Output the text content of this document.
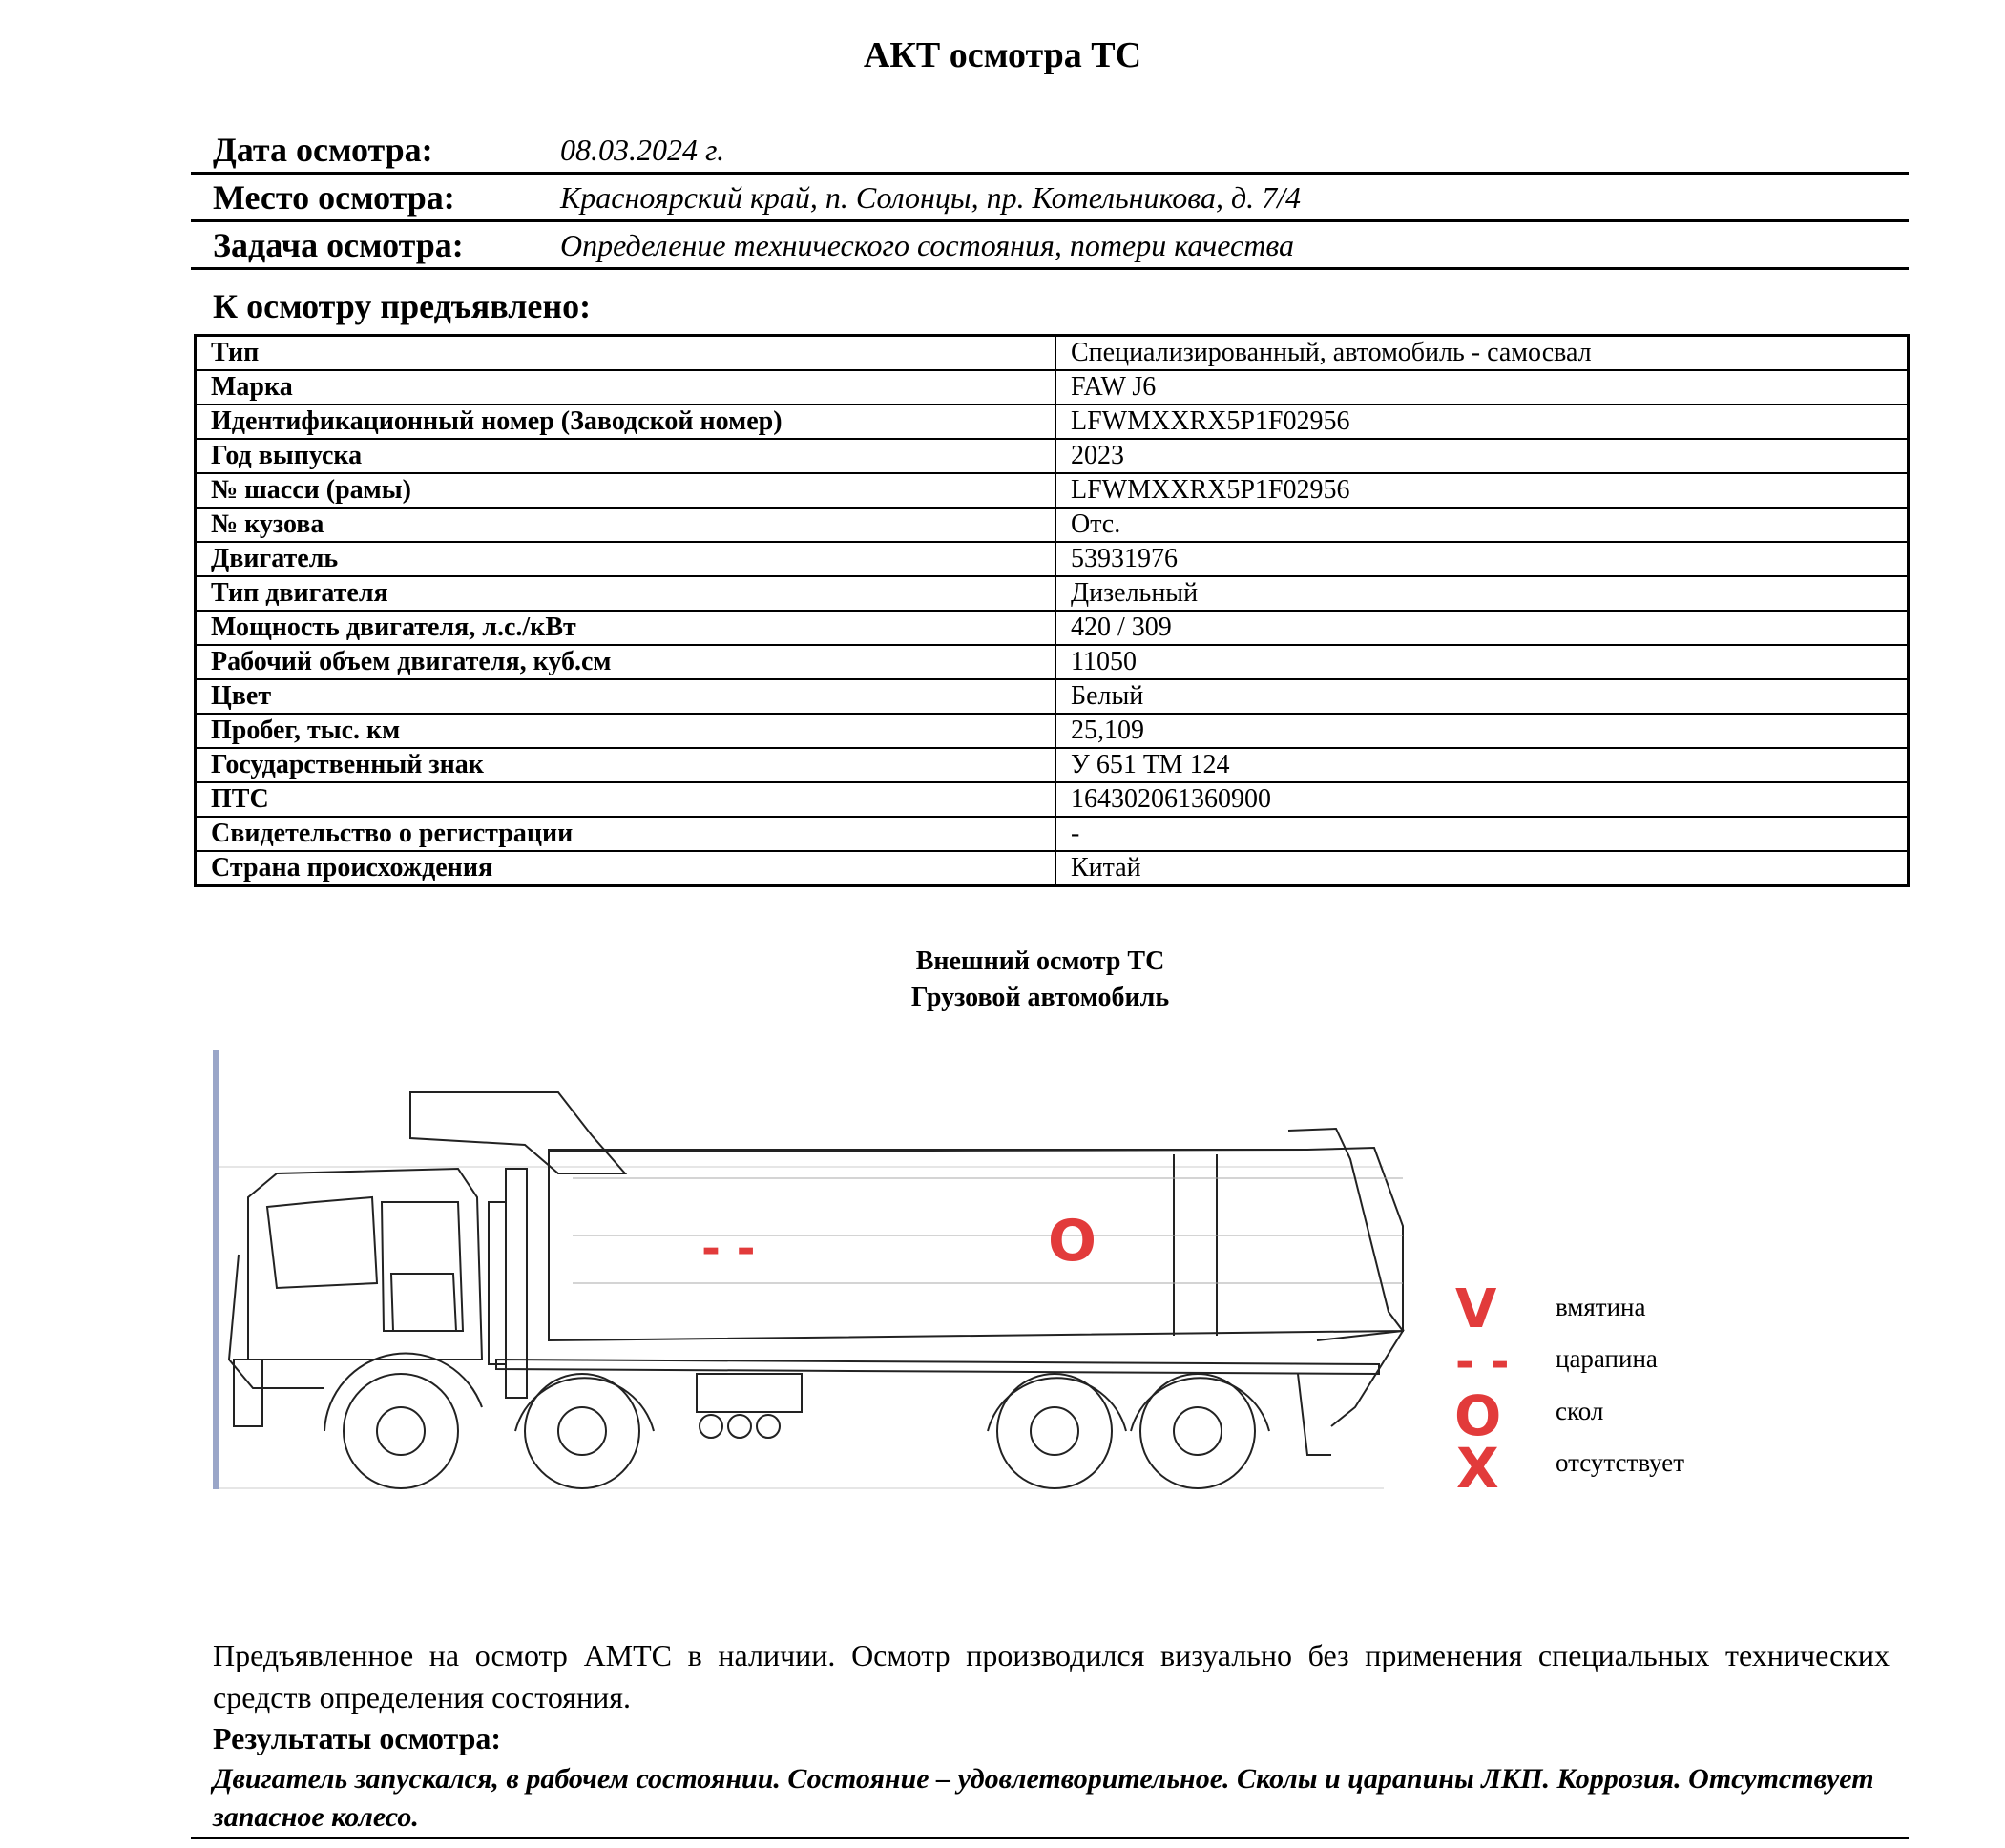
АКТ осмотра ТС
Дата осмотра:	08.03.2024 г.
Место осмотра:	Красноярский край, п. Солонцы, пр. Котельникова, д. 7/4
Задача осмотра:	Определение технического состояния, потери качества
К осмотру предъявлено:
Тип	Специализированный, автомобиль - самосвал
Марка	FAW J6
Идентификационный номер (Заводской номер)	LFWMXXRX5P1F02956
Год выпуска	2023
№ шасси (рамы)	LFWMXXRX5P1F02956
№ кузова	Отс.
Двигатель	53931976
Тип двигателя	Дизельный
Мощность двигателя, л.с./кВт	420 / 309
Рабочий объем двигателя, куб.см	11050
Цвет	Белый
Пробег, тыс. км	25,109
Государственный знак	У 651 ТМ 124
ПТС	164302061360900
Свидетельство о регистрации	-
Страна происхождения	Китай
Внешний осмотр ТС
Грузовой автомобиль
- -	O
V вмятина
- - царапина
O скол
X отсутствует
Предъявленное на осмотр АМТС в наличии. Осмотр производился визуально без применения специальных технических средств определения состояния.
Результаты осмотра:
Двигатель запускался, в рабочем состоянии. Состояние – удовлетворительное. Сколы и царапины ЛКП. Коррозия. Отсутствует запасное колесо.
